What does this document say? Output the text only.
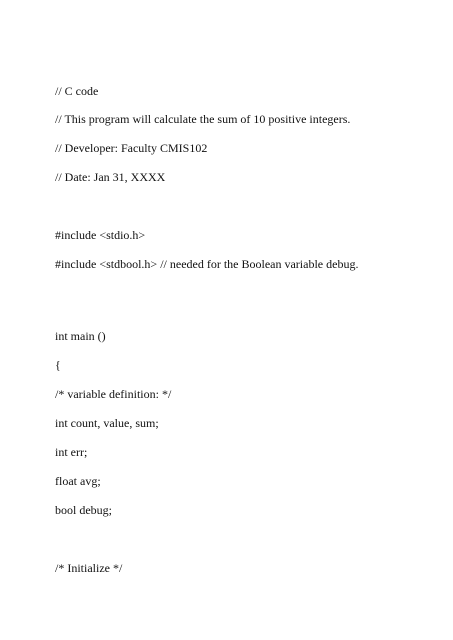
// C code

// This program will calculate the sum of 10 positive integers.

// Developer: Faculty CMIS102

// Date: Jan 31, XXXX

#include <stdio.h>

#include <stdbool.h> // needed for the Boolean variable debug.

int main ()

{

/* variable definition: */

int count, value, sum;

int err;

float avg;

bool debug;

/* Initialize */
